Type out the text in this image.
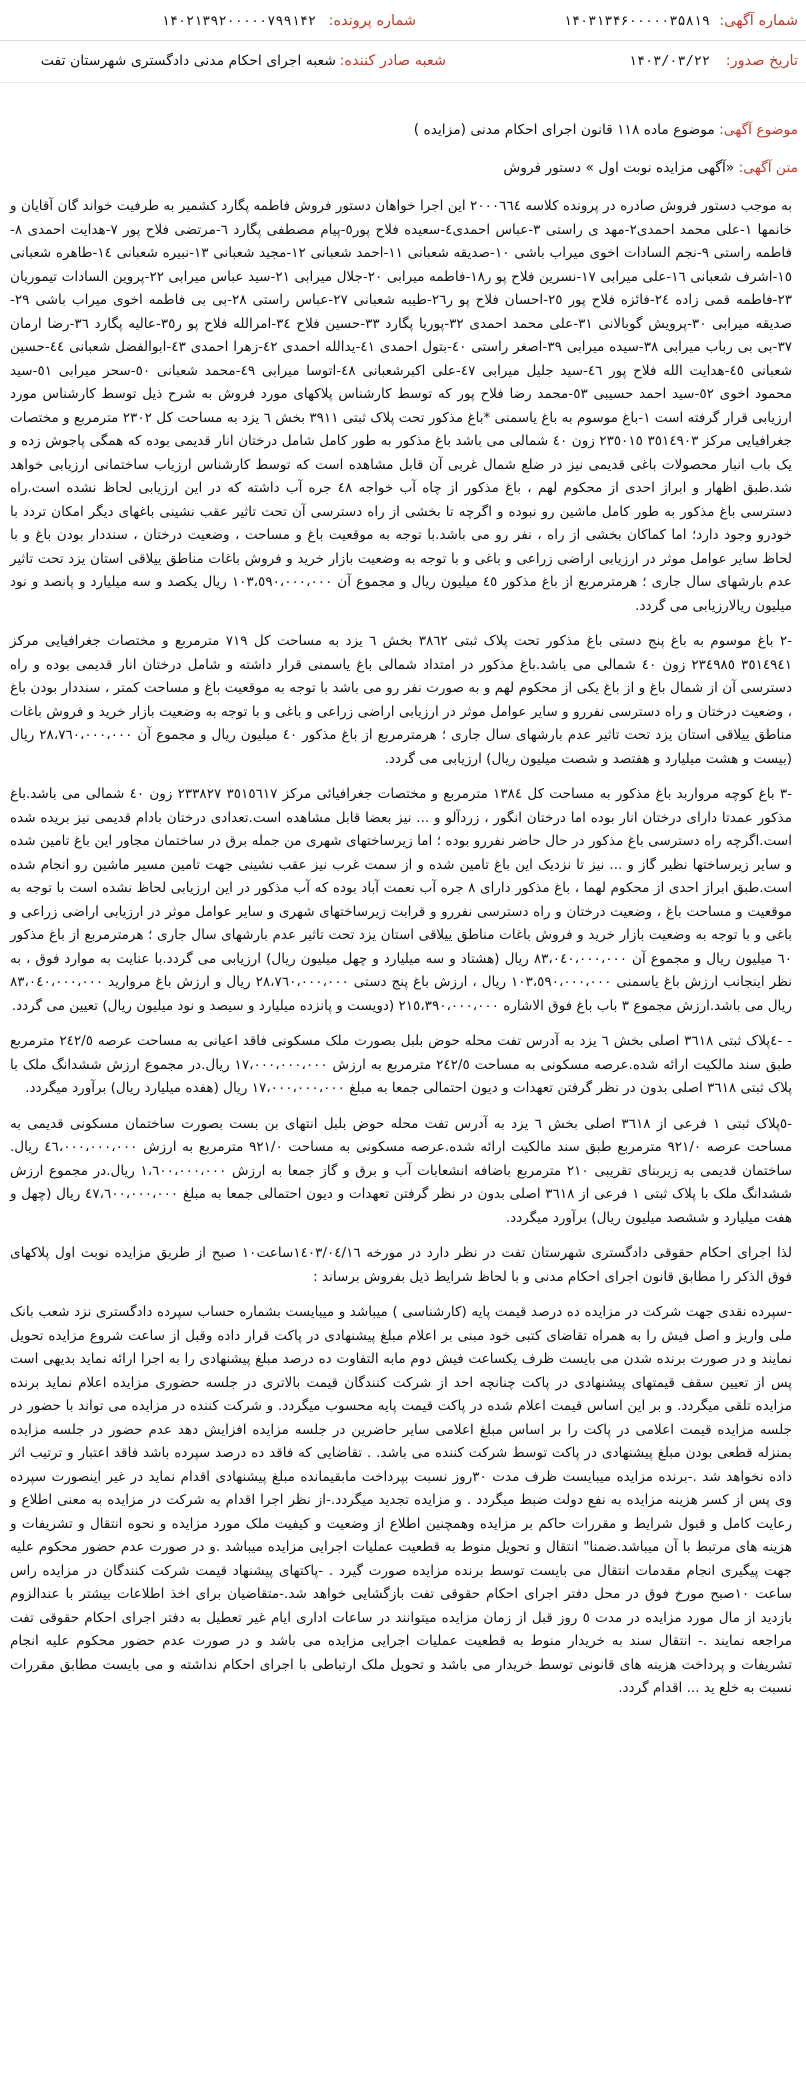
شماره آگهی:
۱۴۰۳۱۳۴۶۰۰۰۰۰۳۵۸۱۹
شماره پرونده:
۱۴۰۲۱۳۹۲۰۰۰۰۰۷۹۹۱۴۲
تاریخ صدور:
۱۴۰۳/۰۳/۲۲
شعبه صادر کننده:
شعبه اجرای احکام مدنی دادگستری شهرستان تفت
موضوع آگهی: موضوع ماده ۱۱۸ قانون اجرای احکام مدنی (مزایده )
متن آگهی: «آگهی مزایده نوبت اول » دستور فروش

به موجب دستور فروش صادره در پرونده کلاسه ۲۰۰۰٦٦٤ این اجرا خواهان دستور فروش فاطمه پگارد کشمیر به طرفیت خواند گان آقایان و خانمها ۱-علی محمد احمدی۲-مهد ی راستی ۳-عباس احمدی٤-سعیده فلاح پور٥-پیام مصطفی پگارد ٦-مرتضی فلاح پور ۷-هدایت احمدی ۸-فاطمه راستی ۹-نجم السادات اخوی میراب باشی ۱۰-صدیقه شعبانی ۱۱-احمد شعبانی ۱۲-مجید شعبانی ۱۳-نبیره شعبانی ۱٤-طاهره شعبانی ۱٥-اشرف شعبانی ۱٦-علی میرابی ۱۷-نسرین فلاح پو ر۱۸-فاطمه میرابی ۲۰-جلال میرابی ۲۱-سید عباس میرابی ۲۲-پروین السادات تیموریان ۲۳-فاطمه قمی زاده ۲٤-فائزه فلاح پور ۲٥-احسان فلاح پو ر۲٦-طیبه شعبانی ۲۷-عباس راستی ۲۸-بی بی فاطمه اخوی میراب باشی ۲۹-صدیقه میرابی ۳۰-پرویش گوبالانی ۳۱-علی محمد احمدی ۳۲-پوریا پگارد ۳۳-حسین فلاح ۳٤-امرالله فلاح پو ر۳٥-عالیه پگارد ۳٦-رضا ارمان ۳۷-بی بی رباب میرابی ۳۸-سیده میرابی ۳۹-اصغر راستی ٤۰-بتول احمدی ٤۱-یدالله احمدی ٤۲-زهرا احمدی ٤۳-ابوالفضل شعبانی ٤٤-حسین شعبانی ٤٥-هدایت الله فلاح پور ٤٦-سید جلیل میرابی ٤۷-علی اکبرشعبانی ٤۸-اتوسا میرابی ٤۹-محمد شعبانی ٥۰-سحر میرابی ٥۱-سید محمود اخوی ٥۲-سید احمد حسیبی ٥۳-محمد رضا فلاح پور که توسط کارشناس پلاکهای مورد فروش به شرح ذیل توسط کارشناس مورد ارزیابی قرار گرفته است ۱-باغ موسوم به باغ یاسمنی *باغ مذکور تحت پلاک ثبتی ۳۹۱۱ بخش ٦ یزد به مساحت کل ۲۳۰۲ مترمربع و مختصات جغرافیایی مرکز ۳٥۱٤۹۰۳ ۲۳٥۰۱٥ زون ٤۰ شمالی می باشد باغ مذکور به طور کامل شامل درختان انار قدیمی بوده که همگی پاجوش زده و یک باب انبار محصولات باغی قدیمی نیز در ضلع شمال غربی آن قابل مشاهده است که توسط کارشناس ارزیاب ساختمانی ارزیابی خواهد شد.طبق اظهار و ابراز احدی از محکوم لهم ، باغ مذکور از چاه آب خواجه ٤۸ جره آب داشته که در این ارزیابی لحاظ نشده است.راه دسترسی باغ مذکور به طور کامل ماشین رو نبوده و اگرچه تا بخشی از راه دسترسی آن تحت تاثیر عقب نشینی باغهای دیگر امکان تردد با خودرو وجود دارد؛ اما کماکان بخشی از راه ، نفر رو می باشد.با توجه به موقعیت باغ و مساحت ، وضعیت درختان ، سنددار بودن باغ و با لحاظ سایر عوامل موثر در ارزیابی اراضی زراعی و باغی و با توجه به وضعیت بازار خرید و فروش باغات مناطق ییلاقی استان یزد تحت تاثیر عدم بارشهای سال جاری ؛ هرمترمربع از باغ مذکور ٤٥ میلیون ریال و مجموع آن ۱۰۳،٥۹۰،۰۰۰،۰۰۰ ریال یکصد و سه میلیارد و پانصد و نود میلیون ریالارزیابی می گردد.

-۲ باغ موسوم به باغ پنج دستی باغ مذکور تحت پلاک ثبتی ۳۸٦۲ بخش ٦ یزد به مساحت کل ۷۱۹ مترمربع و مختصات جغرافیایی مرکز ۳٥۱٤۹٤۱ ۲۳٤۹۸٥ زون ٤۰ شمالی می باشد.باغ مذکور در امتداد شمالی باغ یاسمنی قرار داشته و شامل درختان انار قدیمی بوده و راه دسترسی آن از شمال باغ و از باغ یکی از محکوم لهم و به صورت نفر رو می باشد با توجه به موقعیت باغ و مساحت کمتر ، سنددار بودن باغ ، وضعیت درختان و راه دسترسی نفررو و سایر عوامل موثر در ارزیابی اراضی زراعی و باغی و با توجه به وضعیت بازار خرید و فروش باغات مناطق ییلاقی استان یزد تحت تاثیر عدم بارشهای سال جاری ؛ هرمترمربع از باغ مذکور ٤۰ میلیون ریال و مجموع آن ۲۸،۷٦۰،۰۰۰،۰۰۰ ریال (بیست و هشت میلیارد و هفتصد و شصت میلیون ریال) ارزیابی می گردد.

-۳ باغ کوچه مرواربد باغ مذکور به مساحت کل ۱۳۸٤ مترمربع و مختصات جغرافیائی مرکز ۳٥۱٥٦۱۷ ۲۳۳۸۲۷ زون ٤۰ شمالی می باشد.باغ مذکور عمدتا دارای درختان انار بوده اما درختان انگور ، زردآلو و ... نیز بعضا قابل مشاهده است.تعدادی درختان بادام قدیمی نیز بریده شده است.اگرچه راه دسترسی باغ مذکور در حال حاضر نفررو بوده ؛ اما زیرساختهای شهری من جمله برق در ساختمان مجاور این باغ تامین شده و سایر زیرساختها نظیر گاز و ... نیز تا نزدیک این باغ تامین شده و از سمت غرب نیز عقب نشینی جهت تامین مسیر ماشین رو انجام شده است.طبق ابراز احدی از محکوم لهما ، باغ مذکور دارای ۸ جره آب نعمت آباد بوده که آب مذکور در این ارزیابی لحاظ نشده است با توجه به موقعیت و مساحت باغ ، وضعیت درختان و راه دسترسی نفررو و قرابت زیرساختهای شهری و سایر عوامل موثر در ارزیابی اراضی زراعی و باغی و با توجه به وضعیت بازار خرید و فروش باغات مناطق ییلاقی استان یزد تحت تاثیر عدم بارشهای سال جاری ؛ هرمترمربع از باغ مذکور ٦۰ میلیون ریال و مجموع آن ۸۳،۰٤۰،۰۰۰،۰۰۰ ریال (هشتاد و سه میلیارد و چهل میلیون ریال) ارزیابی می گردد.با عنایت به موارد فوق ، به نظر اینجانب ارزش باغ یاسمنی ۱۰۳،٥۹۰،۰۰۰،۰۰۰ ریال ، ارزش باغ پنج دستی ۲۸،۷٦۰،۰۰۰،۰۰۰ ریال و ارزش باغ مروارید ۸۳،۰٤۰،۰۰۰،۰۰۰ ریال می باشد.ارزش مجموع ۳ باب باغ فوق الاشاره ۲۱٥،۳۹۰،۰۰۰،۰۰۰ (دویست و پانزده میلیارد و سیصد و نود میلیون ریال) تعیین می گردد.

- -٤پلاک ثبتی ۳٦۱۸ اصلی بخش ٦ یزد به آدرس تفت محله حوض بلبل بصورت ملک مسکونی فاقد اعیانی به مساحت عرصه ۲٤۲/٥ مترمربع طبق سند مالکیت ارائه شده.عرصه مسکونی به مساحت ۲٤۲/٥ مترمربع به ارزش ۱۷،۰۰۰،۰۰۰،۰۰۰ ریال.در مجموع ارزش ششدانگ ملک با پلاک ثبتی ۳٦۱۸ اصلی بدون در نظر گرفتن تعهدات و دیون احتمالی جمعا به مبلغ ۱۷،۰۰۰،۰۰۰،۰۰۰ ریال (هفده میلیارد ریال) برآورد میگردد.

-٥پلاک ثبتی ۱ فرعی از ۳٦۱۸ اصلی بخش ٦ یزد به آدرس تفت محله حوض بلبل انتهای بن بست بصورت ساختمان مسکونی قدیمی به مساحت عرصه ۹۲۱/۰ مترمربع طبق سند مالکیت ارائه شده.عرصه مسکونی به مساحت ۹۲۱/۰ مترمربع به ارزش ٤٦،۰۰۰،۰۰۰،۰۰۰ ریال. ساختمان قدیمی به زیربنای تقریبی ۲۱۰ مترمربع باضافه انشعابات آب و برق و گاز جمعا به ارزش ۱،٦۰۰،۰۰۰،۰۰۰ ریال.در مجموع ارزش ششدانگ ملک با پلاک ثبتی ۱ فرعی از ۳٦۱۸ اصلی بدون در نظر گرفتن تعهدات و دیون احتمالی جمعا به مبلغ ٤۷،٦۰۰،۰۰۰،۰۰۰ ریال (چهل و هفت میلیارد و ششصد میلیون ریال) برآورد میگردد.

لذا اجرای احکام حقوقی دادگستری شهرستان تفت در نظر دارد در مورخه ۱٤۰۳/۰٤/۱٦ساعت۱۰ صبح از طریق مزایده نوبت اول پلاکهای فوق الذکر را مطابق قانون اجرای احکام مدنی و با لحاظ شرایط ذیل بفروش برساند :

-سپرده نقدی جهت شرکت در مزایده ده درصد قیمت پایه (کارشناسی ) میباشد و میبایست بشماره حساب سپرده دادگستری نزد شعب بانک ملی واریز و اصل فیش را به همراه تقاضای کتبی خود مبنی بر اعلام مبلغ پیشنهادی در پاکت قرار داده وقبل از ساعت شروع مزایده تحویل نمایند و در صورت برنده شدن می بایست ظرف یکساعت فیش دوم مابه التفاوت ده درصد مبلغ پیشنهادی را به اجرا ارائه نماید بدیهی است پس از تعیین سقف قیمتهای پیشنهادی در پاکت چنانچه احد از شرکت کنندگان قیمت بالاتری در جلسه حضوری مزایده اعلام نماید برنده مزایده تلقی میگردد. و بر این اساس قیمت اعلام شده در پاکت قیمت پایه محسوب میگردد. و شرکت کننده در مزایده می تواند با حضور در جلسه مزایده قیمت اعلامی در پاکت را بر اساس مبلغ اعلامی سایر حاضرین در جلسه مزایده افزایش دهد عدم حضور در جلسه مزایده بمنزله قطعی بودن مبلغ پیشنهادی در پاکت توسط شرکت کننده می باشد. . تقاضایی که فاقد ده درصد سپرده باشد فاقد اعتبار و ترتیب اثر داده نخواهد شد .-برنده مزایده میبایست ظرف مدت ۳۰روز نسبت بپرداخت مابقیمانده مبلغ پیشنهادی اقدام نماید در غیر اینصورت سپرده وی پس از کسر هزینه مزایده به نفع دولت ضبط میگردد . و مزایده تجدید میگردد.-از نظر اجرا اقدام به شرکت در مزایده به معنی اطلاع و رعایت کامل و قبول شرایط و مقررات حاکم بر مزایده وهمچنین اطلاع از وضعیت و کیفیت ملک مورد مزایده و نحوه انتقال و تشریفات و هزینه های مرتبط با آن میباشد.ضمنا" انتقال و تحویل منوط به قطعیت عملیات اجرایی مزایده میباشد .و در صورت عدم حضور محکوم علیه جهت پیگیری انجام مقدمات انتقال می بایست توسط برنده مزایده صورت گیرد . -پاکتهای پیشنهاد قیمت شرکت کنندگان در مزایده راس ساعت ۱۰صبح مورخ فوق در محل دفتر اجرای احکام حقوقی تفت بازگشایی خواهد شد.-متقاضیان برای اخذ اطلاعات بیشتر با عندالزوم بازدید از مال مورد مزایده در مدت ٥ روز قبل از زمان مزایده میتوانند در ساعات اداری ایام غیر تعطیل به دفتر اجرای احکام حقوقی تفت مراجعه نمایند .- انتقال سند به خریدار منوط به قطعیت عملیات اجرایی مزایده می باشد و در صورت عدم حضور محکوم علیه انجام تشریفات و پرداخت هزینه های قانونی توسط خریدار می باشد و تحویل ملک ارتباطی با اجرای احکام نداشته و می بایست مطابق مقررات نسبت به خلع ید ... اقدام گردد.
